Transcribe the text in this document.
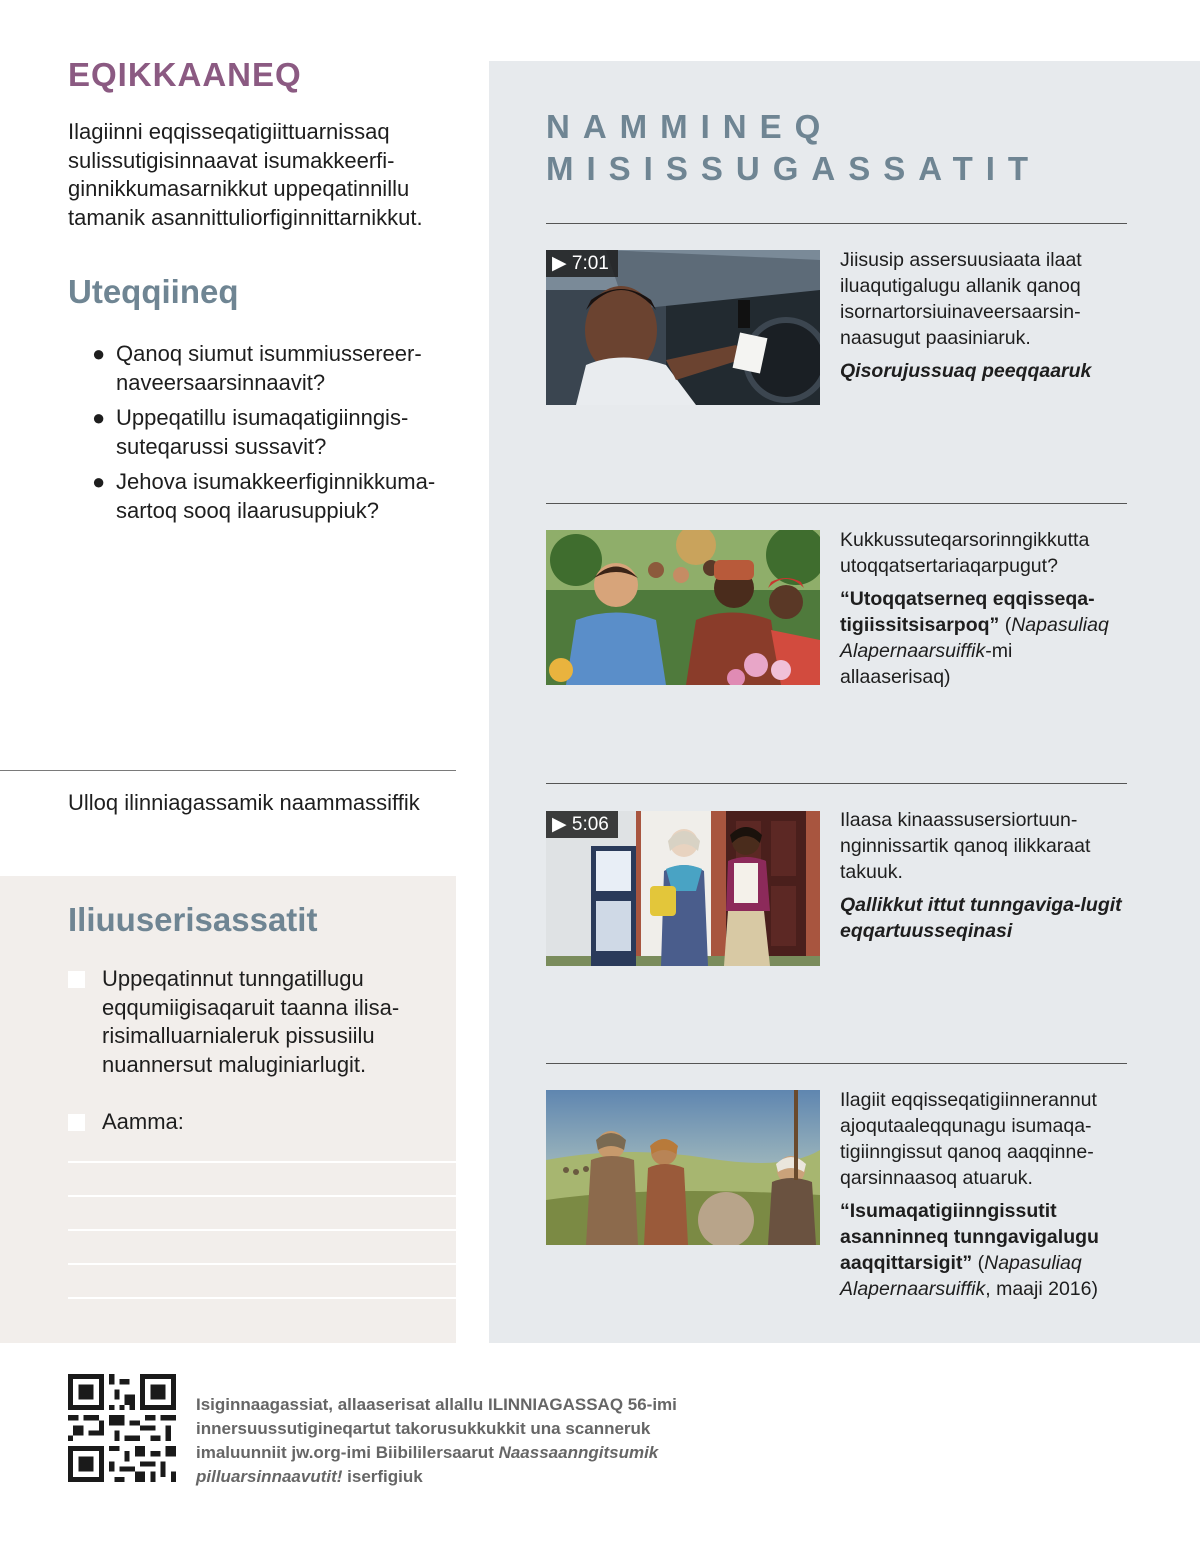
EQIKKAANEQ

Ilagiinni eqqisseqatigiittuarnissaq sulissutigisinnaavat isumakkeerfi-ginnikkumasarnikkut uppeqatinnillu tamanik asannittuliorfiginnittarnikkut.

Uteqqiineq
● Qanoq siumut isummiussereer-naveersaarsinnaavit?
● Uppeqatillu isumaqatigiinngis-suteqarussi sussavit?
● Jehova isumakkeerfiginnikkuma-sartoq sooq ilaarusuppiuk?
Ulloq ilinniagassamik naammassiffik
Iliuuserisassatit
Uppeqatinnut tunngatillugu eqqumiigisaqaruit taanna ilisa-risimalluarnialeruk pissusiilu nuannersut maluginiarlugit.
Aamma:
NAMMINEQ
MISISSUGASSATIT
▶ 7:01	Jiisusip assersuusiaata ilaat iluaqutigalugu allanik qanoq isornartorsiuinaveersaarsin-naasugut paasiniaruk.
Qisorujussuaq peeqqaaruk
Kukkussuteqarsorinngikkutta utoqqatsertariaqarpugut?
“Utoqqatserneq eqqisseqa-tigiissitsisarpoq” (Napasuliaq Alapernaarsuiffik-mi allaaserisaq)
▶ 5:06	Ilaasa kinaassusersiortuun-nginnissartik qanoq ilikkaraat takuuk.
Qallikkut ittut tunngaviga-lugit eqqartuusseqinasi
Ilagiit eqqisseqatigiinnerannut ajoqutaaleqqunagu isumaqa-tigiinngissut qanoq aaqqinne-qarsinnaasoq atuaruk.
“Isumaqatigiinngissutit asanninneq tunngavigalugu aaqqittarsigit” (Napasuliaq Alapernaarsuiffik, maaji 2016)

Isiginnaagassiat, allaaserisat allallu ILINNIAGASSAQ 56-imi innersuussutigineqartut takorusukkukkit una scanneruk imaluunniit jw.org-imi Biibililersaarut Naassaanngitsumik pilluarsinnaavutit! iserfigiuk
